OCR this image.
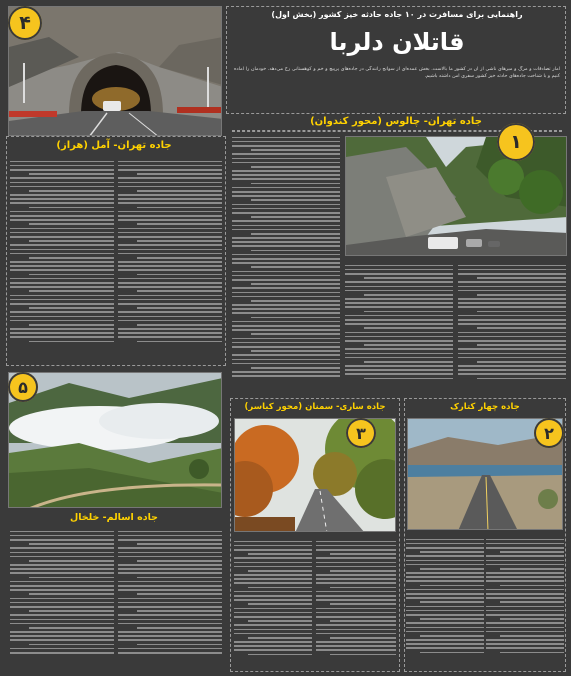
راهنمایی برای مسافرت در ۱۰ جاده حادثه خیز کشور (بخش اول)
قاتلان دلربا
آمار تصادفات و مرگ و میرهای ناشی از آن در کشور ما بالاست. بخش عمده‌ای از سوانح رانندگی در جاده‌های پرپیچ و خم و کوهستانی رخ می‌دهد. خودمان را آماده کنیم و با شناخت جاده‌های حادثه خیز کشور سفری امن داشته باشیم.
۴
جاده تهران- چالوس (محور کندوان)
۱
جاده تهران- آمل (هراز)
۵
جاده اسالم- خلخال
جاده ساری- سمنان (محور کیاسر)
۳
جاده چهار کتارک
۲
